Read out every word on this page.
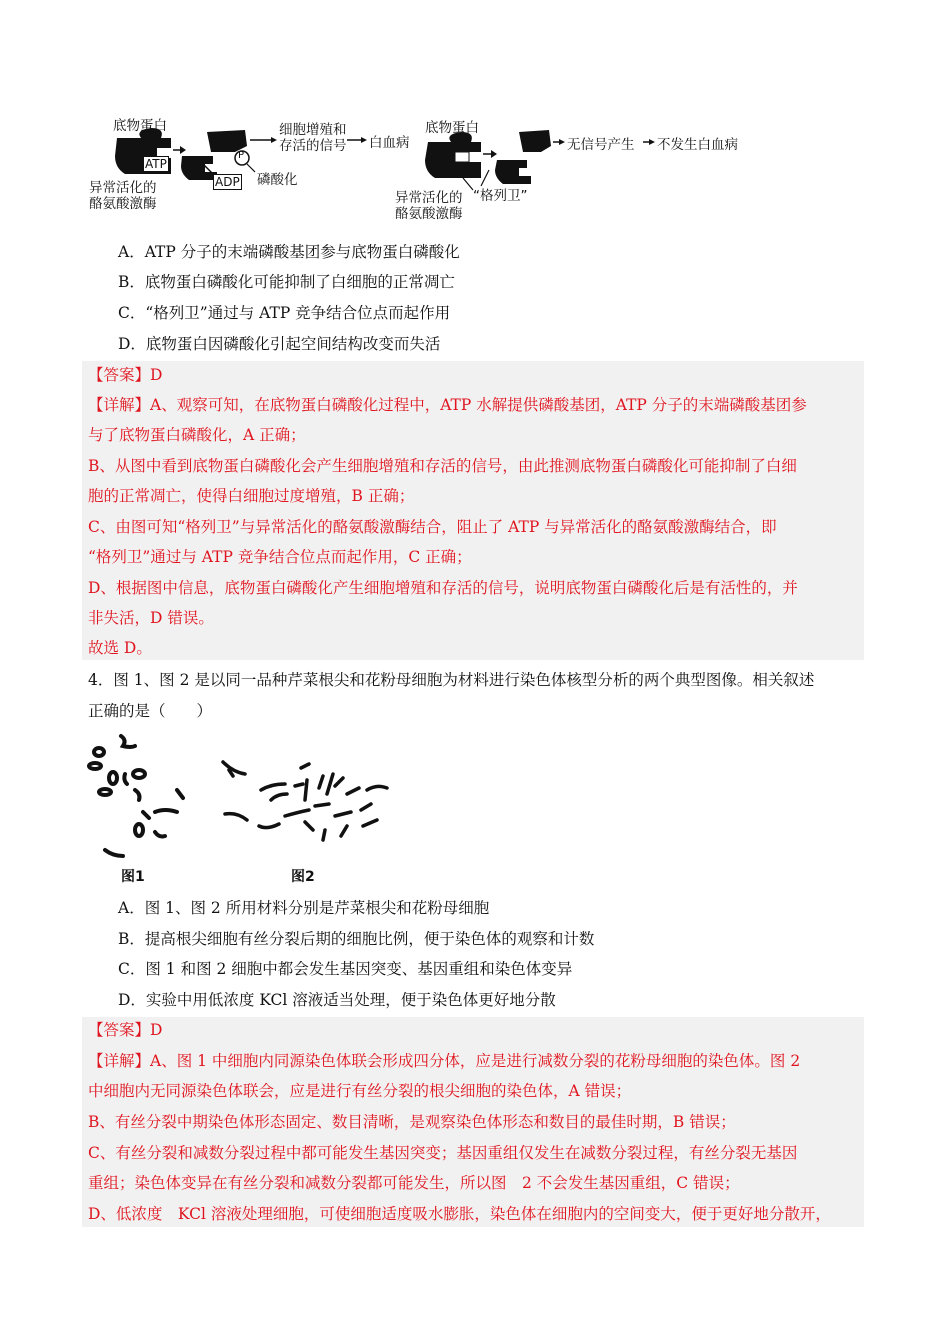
底物蛋白
ATP
ADP
P
磷酸化
细胞增殖和
存活的信号 白血病
异常活化的
酪氨酸激酶
底物蛋白
异常活化的
酪氨酸激酶
“格列卫”
无信号产生 不发生白血病
A．ATP 分子的末端磷酸基团参与底物蛋白磷酸化
B．底物蛋白磷酸化可能抑制了白细胞的正常凋亡
C．“格列卫”通过与 ATP 竞争结合位点而起作用
D．底物蛋白因磷酸化引起空间结构改变而失活
【答案】D
【详解】A、观察可知，在底物蛋白磷酸化过程中，ATP 水解提供磷酸基团，ATP 分子的末端磷酸基团参
与了底物蛋白磷酸化，A 正确；
B、从图中看到底物蛋白磷酸化会产生细胞增殖和存活的信号，由此推测底物蛋白磷酸化可能抑制了白细
胞的正常凋亡，使得白细胞过度增殖，B 正确；
C、由图可知“格列卫”与异常活化的酪氨酸激酶结合，阻止了 ATP 与异常活化的酪氨酸激酶结合，即
“格列卫”通过与 ATP 竞争结合位点而起作用，C 正确；
D、根据图中信息，底物蛋白磷酸化产生细胞增殖和存活的信号，说明底物蛋白磷酸化后是有活性的，并
非失活，D 错误。
故选 D。
4．图 1、图 2 是以同一品种芹菜根尖和花粉母细胞为材料进行染色体核型分析的两个典型图像。相关叙述
正确的是（　　）
图1	图2
A．图 1、图 2 所用材料分别是芹菜根尖和花粉母细胞
B．提高根尖细胞有丝分裂后期的细胞比例，便于染色体的观察和计数
C．图 1 和图 2 细胞中都会发生基因突变、基因重组和染色体变异
D．实验中用低浓度 KCl 溶液适当处理，便于染色体更好地分散
【答案】D
【详解】A、图 1 中细胞内同源染色体联会形成四分体，应是进行减数分裂的花粉母细胞的染色体。图 2
中细胞内无同源染色体联会，应是进行有丝分裂的根尖细胞的染色体，A 错误；
B、有丝分裂中期染色体形态固定、数目清晰，是观察染色体形态和数目的最佳时期，B 错误；
C、有丝分裂和减数分裂过程中都可能发生基因突变；基因重组仅发生在减数分裂过程，有丝分裂无基因
重组；染色体变异在有丝分裂和减数分裂都可能发生，所以图　2 不会发生基因重组，C 错误；
D、低浓度　KCl 溶液处理细胞，可使细胞适度吸水膨胀，染色体在细胞内的空间变大，便于更好地分散开，
